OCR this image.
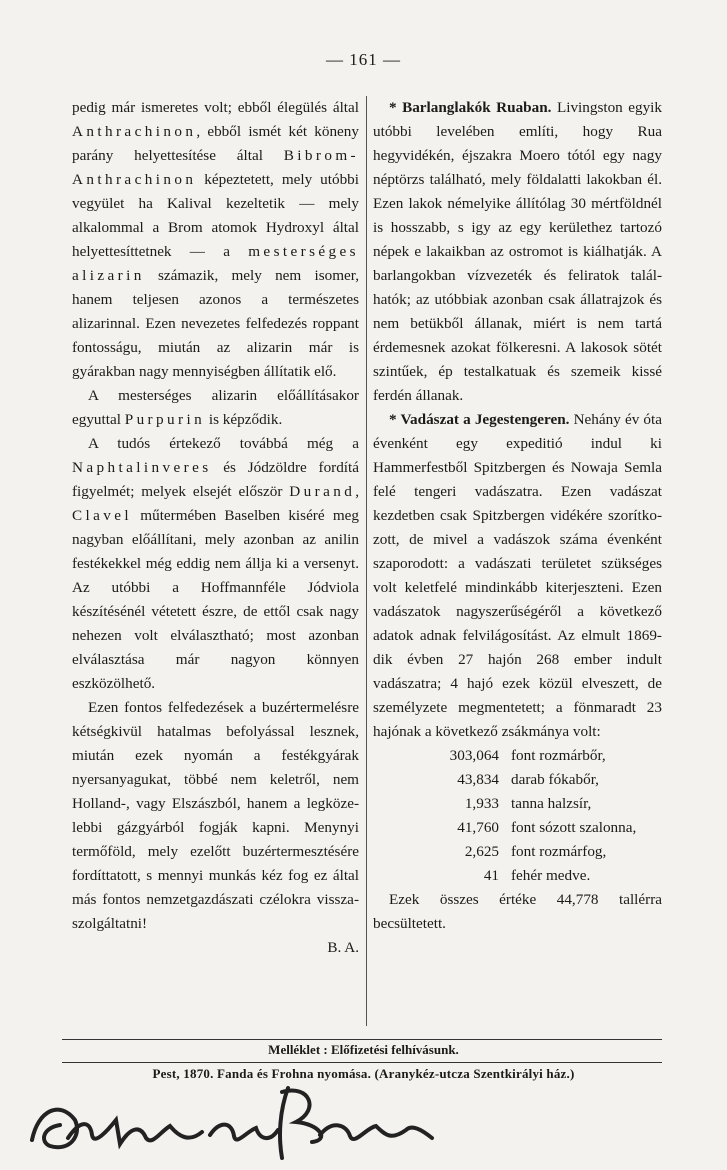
— 161 —

pedig már ismeretes volt; ebből élegülés által Anthrachinon, ebből ismét két köneny parány helyettesítése által Bibrom-Anthrachinon képeztetett, mely utóbbi vegyület ha Kalival kezeltetik — mely alkalommal a Brom atomok Hydroxyl által helyettesíttetnek — a mesterséges alizarin számazik, mely nem isomer, hanem teljesen azonos a természetes alizarinnal. Ezen nevezetes felfedezés roppant fontosságu, miután az alizarin már is gyárakban nagy mennyiségben állítatik elő.

A mesterséges alizarin előállításakor egyuttal Purpurin is képződik.

A tudós értekező továbbá még a Naphtalinveres és Jódzöldre fordítá figyelmét; melyek elsejét először Durand, Clavel műtermében Baselben kiséré meg nagyban előállítani, mely azonban az anilin festékekkel még eddig nem állja ki a versenyt. Az utóbbi a Hoffmannféle Jódviola készítésénél vétetett észre, de ettől csak nagy nehezen volt elválasztható; most azonban elválasztása már nagyon könnyen eszközölhető.

Ezen fontos felfedezések a buzértermelésre kétségkivül hatalmas befolyással lesznek, miután ezek nyomán a festékgyárak nyersanyagukat, többé nem keletről, nem Holland-, vagy Elszászból, hanem a legközelebbi gázgyárból fogják kapni. Menynyi termőföld, mely ezelőtt buzértermesztésére fordíttatott, s mennyi munkás kéz fog ez által más fontos nemzetgazdászati czélokra visszaszolgáltatni!

B. A.

* Barlanglakók Ruaban. Livingston egyik utóbbi levelében említi, hogy Rua hegyvidékén, éjszakra Moero tótól egy nagy néptörzs található, mely földalatti lakokban él. Ezen lakok némelyike állítólag 30 mértföldnél is hosszabb, s igy az egy kerülethez tartozó népek e lakaikban az ostromot is kiálhatják. A barlangokban vízvezeték és feliratok találhatók; az utóbbiak azonban csak állatrajzok és nem betükből állanak, miért is nem tartá érdemesnek azokat fölkeresni. A lakosok sötét szintűek, ép testalkatuak és szemeik kissé ferdén állanak.

* Vadászat a Jegestengeren. Nehány év óta évenként egy expeditió indul ki Hammerfestből Spitzbergen és Nowaja Semla felé tengeri vadászatra. Ezen vadászat kezdetben csak Spitzbergen vidékére szorítkozott, de mivel a vadászok száma évenként szaporodott: a vadászati területet szükséges volt keletfelé mindinkább kiterjeszteni. Ezen vadászatok nagyszerűségéről a következő adatok adnak felvilágosítást. Az elmult 1869-dik évben 27 hajón 268 ember indult vadászatra; 4 hajó ezek közül elveszett, de személyzete megmentetett; a fönmaradt 23 hajónak a következő zsákmánya volt:

303,064	font rozmárbőr,
43,834	darab fókabőr,
1,933	tanna halzsír,
41,760	font sózott szalonna,
2,625	font rozmárfog,
41	fehér medve.

Ezek összes értéke 44,778 tallérra becsültetett.

Melléklet : Előfizetési felhívásunk.
Pest, 1870. Fanda és Frohna nyomása. (Aranykéz-utcza Szentkirályi ház.)
